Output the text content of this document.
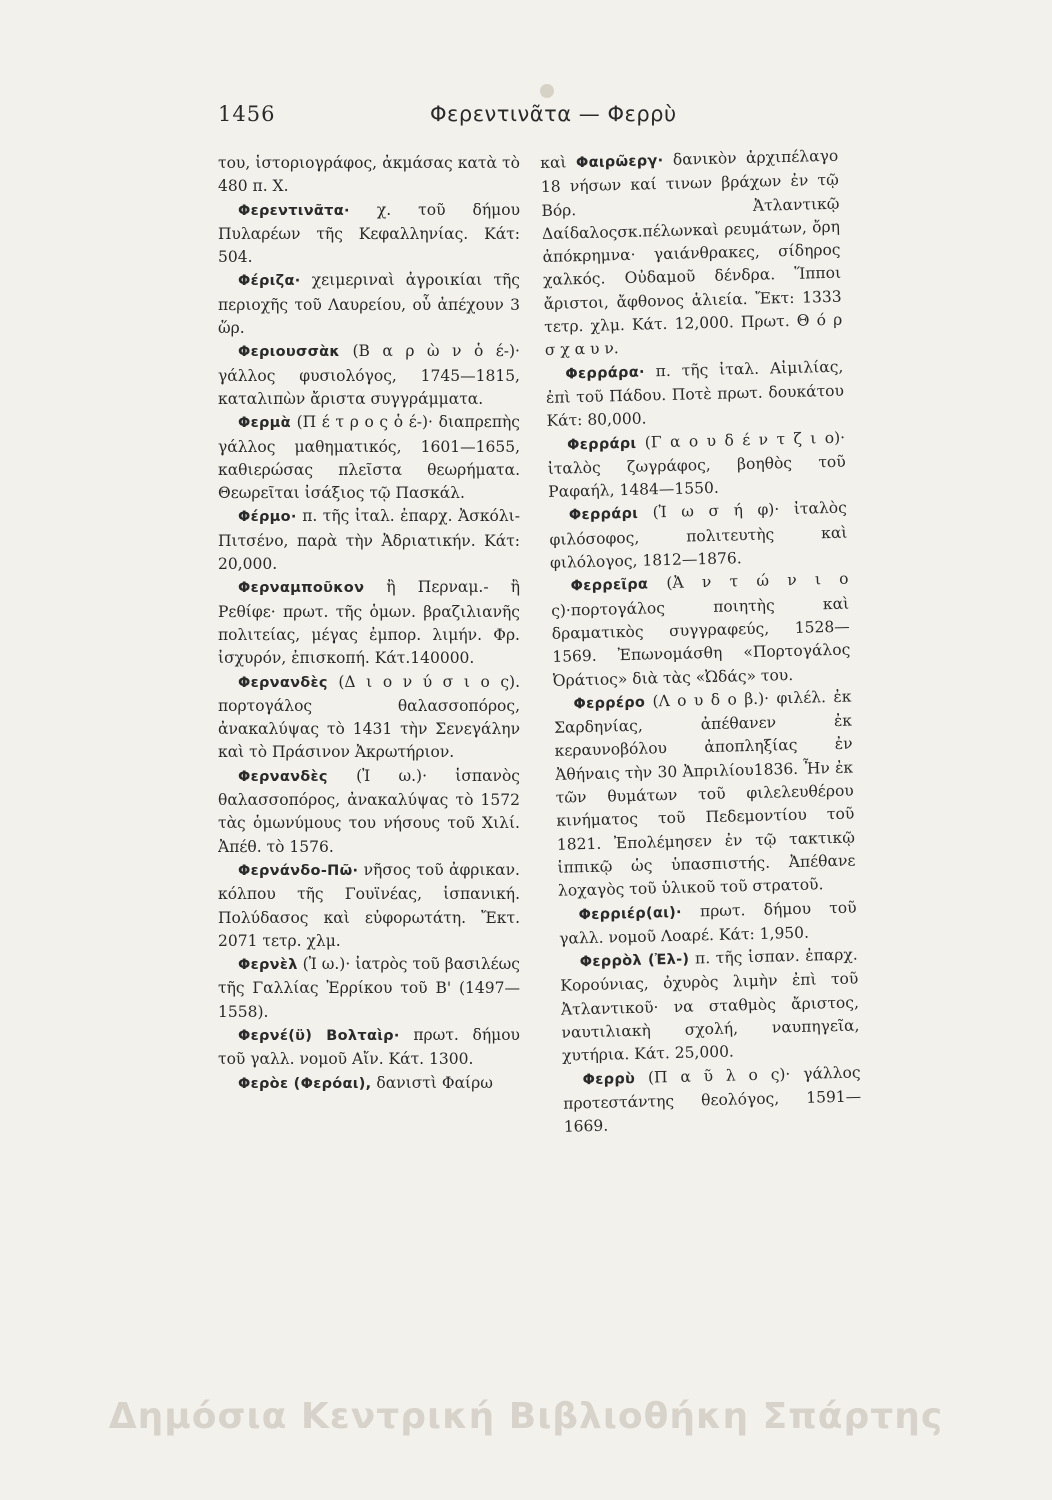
1456	Φερεντινᾶτα — Φερρὺ

του, ἱστοριογράφος, ἀκμάσας κατὰ τὸ 480 π. Χ.

Φερεντινᾶτα· χ. τοῦ δήμου Πυλαρέων τῆς Κεφαλληνίας. Κάτ: 504.

Φέριζα· χειμεριναὶ ἀγροικίαι τῆς περιοχῆς τοῦ Λαυρείου, οὗ ἀπέχουν 3 ὥρ.

Φεριουσσὰκ (Β α ρ ὼ ν ὁ έ-)· γάλλος φυσιολόγος, 1745—1815, καταλιπὼν ἄριστα συγγράμματα.

Φερμὰ (Π έ τ ρ ο ς ὁ έ-)· διαπρεπὴς γάλλος μαθηματικός, 1601—1655, καθιερώσας πλεῖστα θεωρήματα. Θεωρεῖται ἰσάξιος τῷ Πασκάλ.

Φέρμο· π. τῆς ἰταλ. ἐπαρχ. Ἀσκόλι-Πιτσένο, παρὰ τὴν Ἀδριατικήν. Κάτ: 20,000.

Φερναμποῦκον ἢ Περναμ.- ἢ Ρεθίφε· πρωτ. τῆς ὁμων. βραζιλιανῆς πολιτείας, μέγας ἐμπορ. λιμήν. Φρ. ἰσχυρόν, ἐπισκοπή. Κάτ.140000.

Φερνανδὲς (Δ ι ο ν ύ σ ι ο ς). πορτογάλος θαλασσοπόρος, ἀνακαλύψας τὸ 1431 τὴν Σενεγάλην καὶ τὸ Πράσινον Ἀκρωτήριον.

Φερνανδὲς (Ἰ ω.)· ἱσπανὸς θαλασσοπόρος, ἀνακαλύψας τὸ 1572 τὰς ὁμωνύμους του νήσους τοῦ Χιλί. Ἀπέθ. τὸ 1576.

Φερνάνδο-Πῶ· νῆσος τοῦ ἀφρικαν. κόλπου τῆς Γουϊνέας, ἱσπανική. Πολύδασος καὶ εὐφορωτάτη. Ἔκτ. 2071 τετρ. χλμ.

Φερνὲλ (Ἰ ω.)· ἰατρὸς τοῦ βασιλέως τῆς Γαλλίας Ἐρρίκου τοῦ Β' (1497—1558).

Φερνέ(ϋ) Βολταὶρ· πρωτ. δήμου τοῦ γαλλ. νομοῦ Αἴν. Κάτ. 1300.

Φερὸε (Φερόαι), δανιστὶ Φαίρω

καὶ Φαιρῶεργ· δανικὸν ἀρχιπέλαγο 18 νήσων καί τινων βράχων ἐν τῷ Βόρ. Ἀτλαντικῷ Δαίδαλοςσκ.πέλωνκαὶ ρευμάτων, ὄρη ἀπόκρημνα· γαιάνθρακες, σίδηρος χαλκός. Οὐδαμοῦ δένδρα. Ἵπποι ἄριστοι, ἄφθονος ἁλιεία. Ἔκτ: 1333 τετρ. χλμ. Κάτ. 12,000. Πρωτ. Θ ό ρ σ χ α υ ν.

Φερράρα· π. τῆς ἰταλ. Αἰμιλίας, ἐπὶ τοῦ Πάδου. Ποτὲ πρωτ. δουκάτου Κάτ: 80,000.

Φερράρι (Γ α ο υ δ έ ν τ ζ ι ο)· ἰταλὸς ζωγράφος, βοηθὸς τοῦ Ραφαήλ, 1484—1550.

Φερράρι (Ἰ ω σ ή φ)· ἰταλὸς φιλόσοφος, πολιτευτὴς καὶ φιλόλογος, 1812—1876.

Φερρεῖρα (Ἀ ν τ ώ ν ι ο ς)·πορτογάλος ποιητὴς καὶ δραματικὸς συγγραφεύς, 1528—1569. Ἐπωνομάσθη «Πορτογάλος Ὀράτιος» διὰ τὰς «Ὠδάς» του.

Φερρέρο (Λ ο υ δ ο β.)· φιλέλ. ἐκ Σαρδηνίας, ἀπέθανεν ἐκ κεραυνοβόλου ἀποπληξίας ἐν Ἀθήναις τὴν 30 Ἀπριλίου1836. Ἦν ἐκ τῶν θυμάτων τοῦ φιλελευθέρου κινήματος τοῦ Πεδεμοντίου τοῦ 1821. Ἐπολέμησεν ἐν τῷ τακτικῷ ἱππικῷ ὡς ὑπασπιστής. Ἀπέθανε λοχαγὸς τοῦ ὑλικοῦ τοῦ στρατοῦ.

Φερριέρ(αι)· πρωτ. δήμου τοῦ γαλλ. νομοῦ Λοαρέ. Κάτ: 1,950.

Φερρὸλ (Ἐλ-) π. τῆς ἱσπαν. ἐπαρχ. Κορούνιας, ὀχυρὸς λιμὴν ἐπὶ τοῦ Ἀτλαντικοῦ· να σταθμὸς ἄριστος, ναυτιλιακὴ σχολή, ναυπηγεῖα, χυτήρια. Κάτ. 25,000.

Φερρὺ (Π α ῦ λ ο ς)· γάλλος προτεστάντης θεολόγος, 1591—1669.

Δημόσια Κεντρική Βιβλιοθήκη Σπάρτης
